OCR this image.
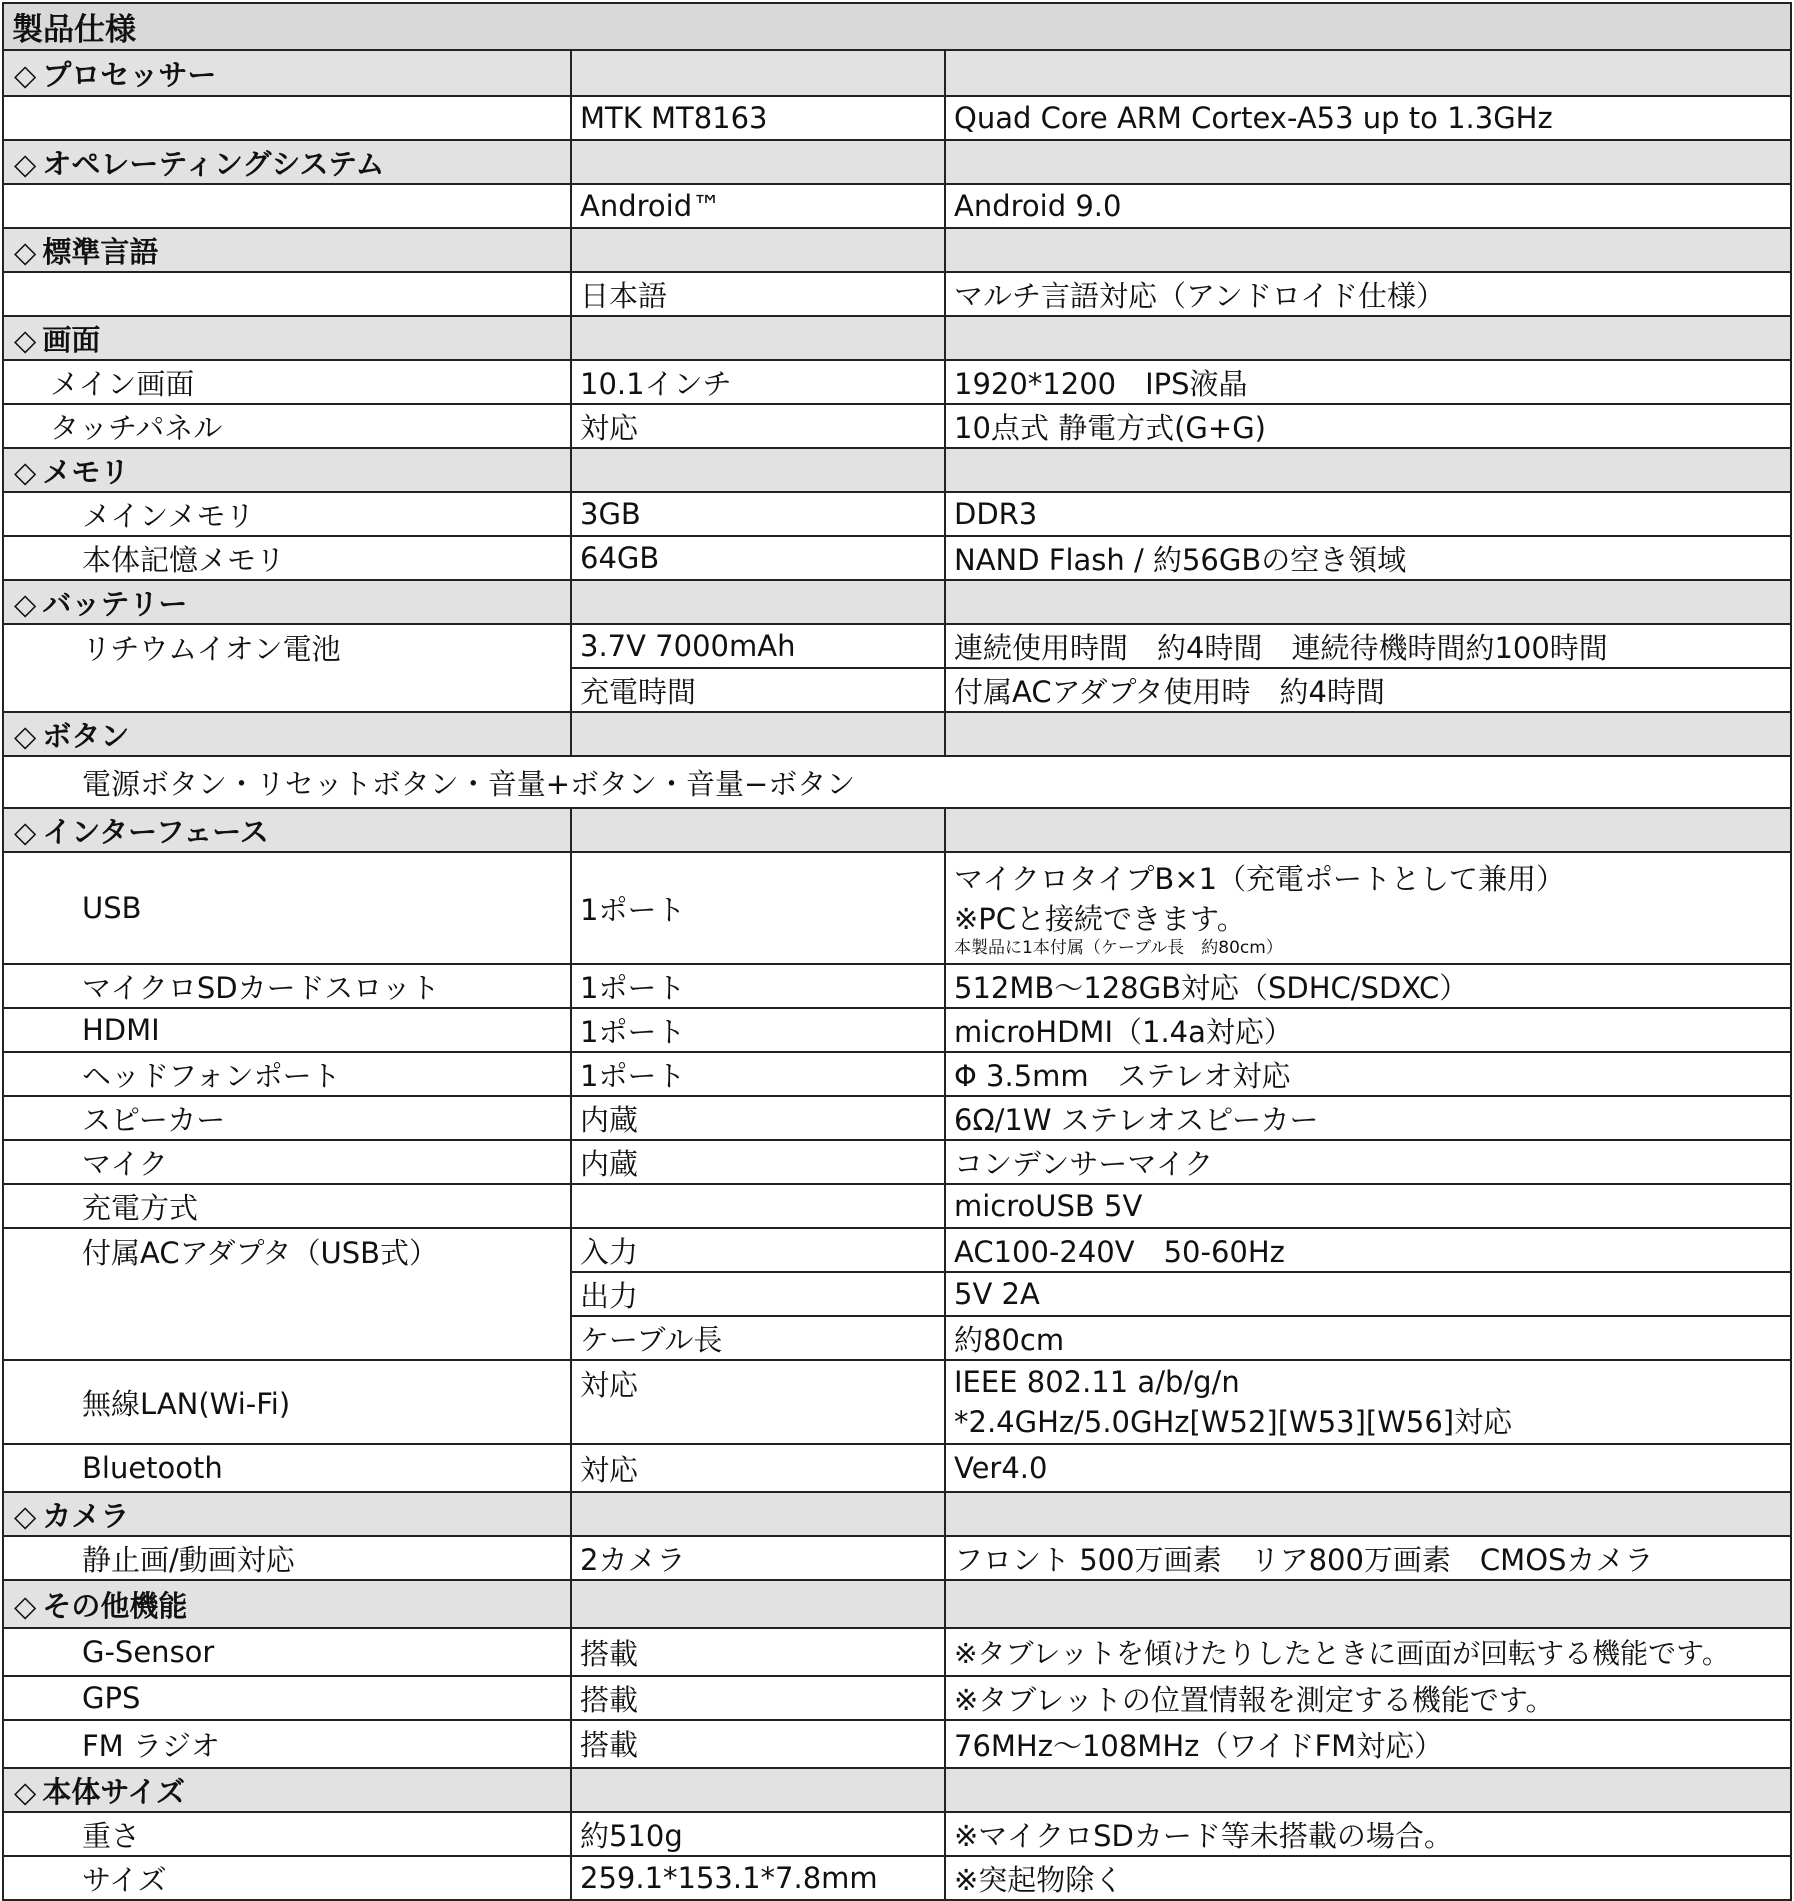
製品仕様		
◇ プロセッサー		
	MTK MT8163	Quad Core ARM Cortex-A53 up to 1.3GHz
◇ オペレーティングシステム		
	Android™	Android 9.0
◇ 標準言語		
	日本語	マルチ言語対応（アンドロイド仕様）
◇ 画面		
メイン画面	10.1インチ	1920*1200　IPS液晶
タッチパネル	対応	10点式 静電方式(G+G)
◇ メモリ		
メインメモリ	3GB	DDR3
本体記憶メモリ	64GB	NAND Flash / 約56GBの空き領域
◇ バッテリー		
リチウムイオン電池	3.7V 7000mAh	連続使用時間　約4時間　連続待機時間約100時間
	充電時間	付属ACアダプタ使用時　約4時間
◇ ボタン		
電源ボタン・リセットボタン・音量+ボタン・音量−ボタン		
◇ インターフェース		
USB	1ポート	マイクロタイプB×1（充電ポートとして兼用）
※PCと接続できます。
本製品に1本付属（ケーブル長　約80cm）

マイクロSDカードスロット	1ポート	512MB～128GB対応（SDHC/SDXC）
HDMI	1ポート	microHDMI（1.4a対応）
ヘッドフォンポート	1ポート	Φ 3.5mm　ステレオ対応
スピーカー	内蔵	6Ω/1W ステレオスピーカー
マイク	内蔵	コンデンサーマイク
充電方式		microUSB 5V
付属ACアダプタ（USB式）	入力	AC100-240V　50-60Hz
	出力	5V 2A
	ケーブル長	約80cm
無線LAN(Wi-Fi)	対応	IEEE 802.11 a/b/g/n
*2.4GHz/5.0GHz[W52][W53][W56]対応

Bluetooth	対応	Ver4.0
◇ カメラ		
静止画/動画対応	2カメラ	フロント 500万画素　リア800万画素　CMOSカメラ
◇ その他機能		
G-Sensor	搭載	※タブレットを傾けたりしたときに画面が回転する機能です。
GPS	搭載	※タブレットの位置情報を測定する機能です。
FM ラジオ	搭載	76MHz～108MHz（ワイドFM対応）
◇ 本体サイズ		
重さ	約510g	※マイクロSDカード等未搭載の場合。
サイズ	259.1*153.1*7.8mm	※突起物除く
